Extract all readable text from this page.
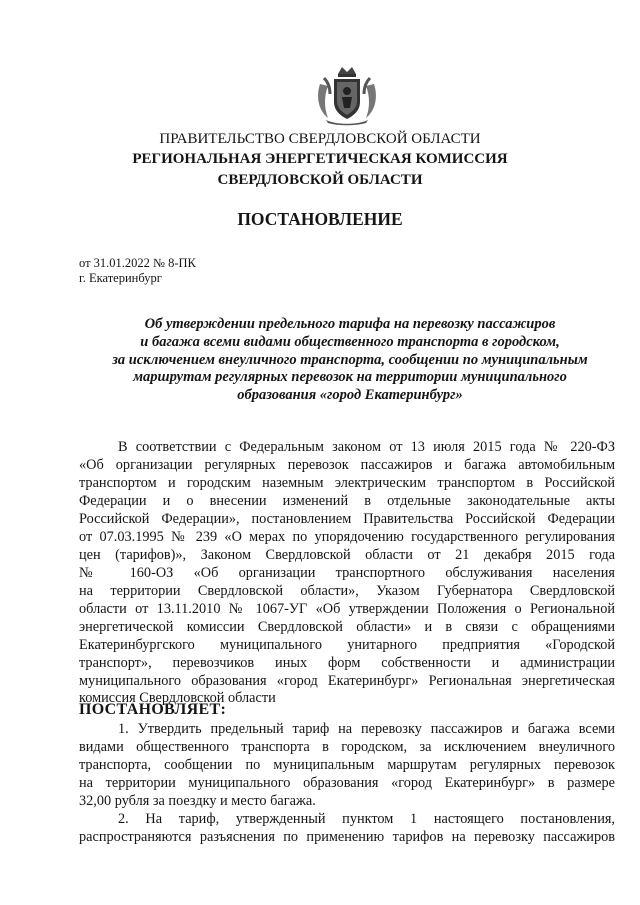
ПРАВИТЕЛЬСТВО СВЕРДЛОВСКОЙ ОБЛАСТИ
РЕГИОНАЛЬНАЯ ЭНЕРГЕТИЧЕСКАЯ КОМИССИЯ
СВЕРДЛОВСКОЙ ОБЛАСТИ
ПОСТАНОВЛЕНИЕ
от 31.01.2022 № 8-ПК
г. Екатеринбург
Об утверждении предельного тарифа на перевозку пассажиров
и багажа всеми видами общественного транспорта в городском,
за исключением внеуличного транспорта, сообщении по муниципальным
маршрутам регулярных перевозок на территории муниципального
образования «город Екатеринбург»
В соответствии с Федеральным законом от 13 июля 2015 года № 220-ФЗ
«Об организации регулярных перевозок пассажиров и багажа автомобильным
транспортом и городским наземным электрическим транспортом в Российской
Федерации и о внесении изменений в отдельные законодательные акты
Российской Федерации», постановлением Правительства Российской Федерации
от 07.03.1995 № 239 «О мерах по упорядочению государственного регулирования
цен (тарифов)», Законом Свердловской области от 21 декабря 2015 года
№ 160-ОЗ «Об организации транспортного обслуживания населения
на территории Свердловской области», Указом Губернатора Свердловской
области от 13.11.2010 № 1067-УГ «Об утверждении Положения о Региональной
энергетической комиссии Свердловской области» и в связи с обращениями
Екатеринбургского муниципального унитарного предприятия «Городской
транспорт», перевозчиков иных форм собственности и администрации
муниципального образования «город Екатеринбург» Региональная энергетическая
комиссия Свердловской области
ПОСТАНОВЛЯЕТ:
1. Утвердить предельный тариф на перевозку пассажиров и багажа всеми
видами общественного транспорта в городском, за исключением внеуличного
транспорта, сообщении по муниципальным маршрутам регулярных перевозок
на территории муниципального образования «город Екатеринбург» в размере
32,00 рубля за поездку и место багажа.
2. На тариф, утвержденный пунктом 1 настоящего постановления,
распространяются разъяснения по применению тарифов на перевозку пассажиров
